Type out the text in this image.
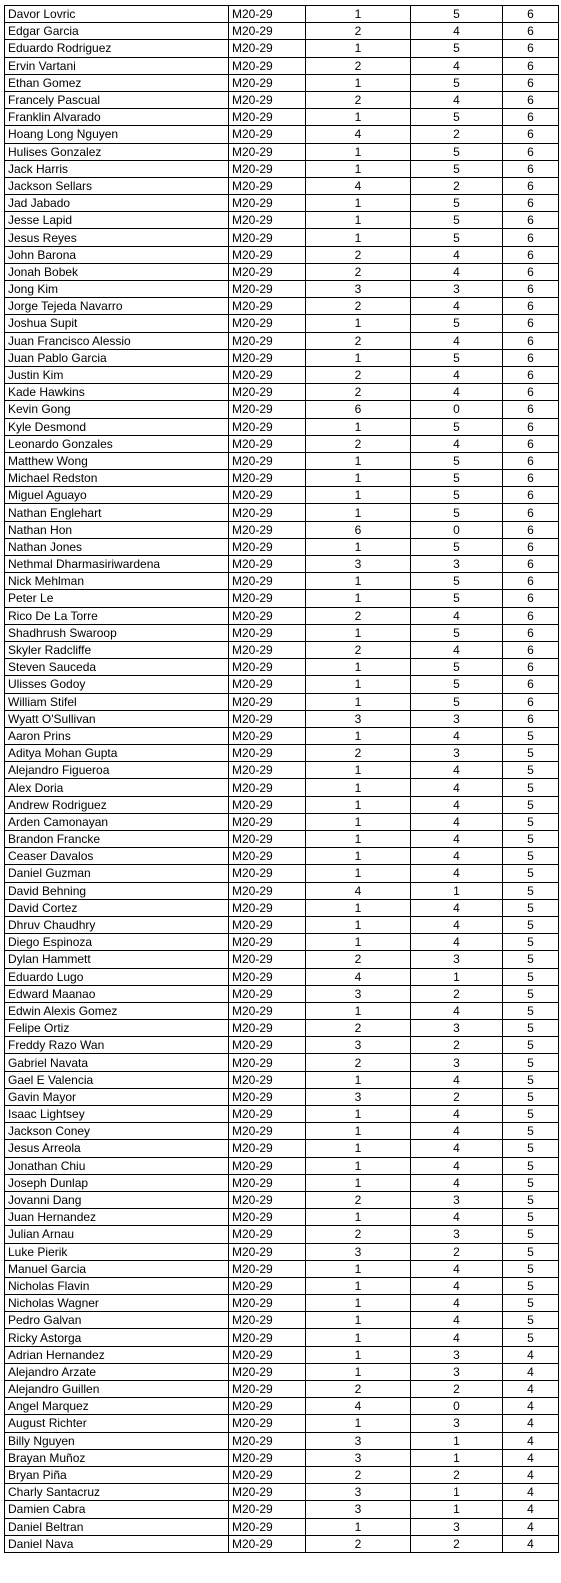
Davor Lovric	M20-29	1	5	6
Edgar Garcia	M20-29	2	4	6
Eduardo Rodriguez	M20-29	1	5	6
Ervin Vartani	M20-29	2	4	6
Ethan Gomez	M20-29	1	5	6
Francely Pascual	M20-29	2	4	6
Franklin Alvarado	M20-29	1	5	6
Hoang Long Nguyen	M20-29	4	2	6
Hulises Gonzalez	M20-29	1	5	6
Jack Harris	M20-29	1	5	6
Jackson Sellars	M20-29	4	2	6
Jad Jabado	M20-29	1	5	6
Jesse Lapid	M20-29	1	5	6
Jesus Reyes	M20-29	1	5	6
John Barona	M20-29	2	4	6
Jonah Bobek	M20-29	2	4	6
Jong Kim	M20-29	3	3	6
Jorge Tejeda Navarro	M20-29	2	4	6
Joshua Supit	M20-29	1	5	6
Juan Francisco Alessio	M20-29	2	4	6
Juan Pablo Garcia	M20-29	1	5	6
Justin Kim	M20-29	2	4	6
Kade Hawkins	M20-29	2	4	6
Kevin Gong	M20-29	6	0	6
Kyle Desmond	M20-29	1	5	6
Leonardo Gonzales	M20-29	2	4	6
Matthew Wong	M20-29	1	5	6
Michael Redston	M20-29	1	5	6
Miguel Aguayo	M20-29	1	5	6
Nathan Englehart	M20-29	1	5	6
Nathan Hon	M20-29	6	0	6
Nathan Jones	M20-29	1	5	6
Nethmal Dharmasiriwardena	M20-29	3	3	6
Nick Mehlman	M20-29	1	5	6
Peter Le	M20-29	1	5	6
Rico De La Torre	M20-29	2	4	6
Shadhrush Swaroop	M20-29	1	5	6
Skyler Radcliffe	M20-29	2	4	6
Steven Sauceda	M20-29	1	5	6
Ulisses Godoy	M20-29	1	5	6
William Stifel	M20-29	1	5	6
Wyatt O'Sullivan	M20-29	3	3	6
Aaron Prins	M20-29	1	4	5
Aditya Mohan Gupta	M20-29	2	3	5
Alejandro Figueroa	M20-29	1	4	5
Alex Doria	M20-29	1	4	5
Andrew Rodriguez	M20-29	1	4	5
Arden Camonayan	M20-29	1	4	5
Brandon Francke	M20-29	1	4	5
Ceaser Davalos	M20-29	1	4	5
Daniel Guzman	M20-29	1	4	5
David Behning	M20-29	4	1	5
David Cortez	M20-29	1	4	5
Dhruv Chaudhry	M20-29	1	4	5
Diego Espinoza	M20-29	1	4	5
Dylan Hammett	M20-29	2	3	5
Eduardo Lugo	M20-29	4	1	5
Edward Maanao	M20-29	3	2	5
Edwin Alexis Gomez	M20-29	1	4	5
Felipe Ortiz	M20-29	2	3	5
Freddy Razo Wan	M20-29	3	2	5
Gabriel Navata	M20-29	2	3	5
Gael E Valencia	M20-29	1	4	5
Gavin Mayor	M20-29	3	2	5
Isaac Lightsey	M20-29	1	4	5
Jackson Coney	M20-29	1	4	5
Jesus Arreola	M20-29	1	4	5
Jonathan Chiu	M20-29	1	4	5
Joseph Dunlap	M20-29	1	4	5
Jovanni Dang	M20-29	2	3	5
Juan Hernandez	M20-29	1	4	5
Julian Arnau	M20-29	2	3	5
Luke Pierik	M20-29	3	2	5
Manuel Garcia	M20-29	1	4	5
Nicholas Flavin	M20-29	1	4	5
Nicholas Wagner	M20-29	1	4	5
Pedro Galvan	M20-29	1	4	5
Ricky Astorga	M20-29	1	4	5
Adrian Hernandez	M20-29	1	3	4
Alejandro Arzate	M20-29	1	3	4
Alejandro Guillen	M20-29	2	2	4
Angel Marquez	M20-29	4	0	4
August Richter	M20-29	1	3	4
Billy Nguyen	M20-29	3	1	4
Brayan Muñoz	M20-29	3	1	4
Bryan Piña	M20-29	2	2	4
Charly Santacruz	M20-29	3	1	4
Damien Cabra	M20-29	3	1	4
Daniel Beltran	M20-29	1	3	4
Daniel Nava	M20-29	2	2	4
